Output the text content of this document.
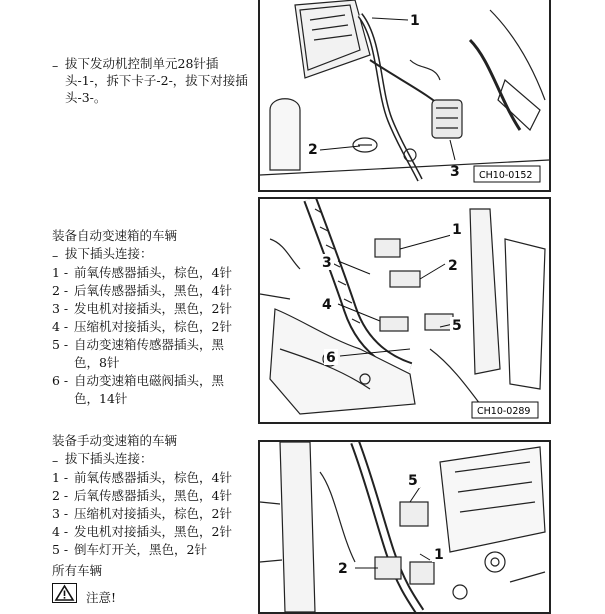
– 拔下发动机控制单元28针插头-1-，拆下卡子-2-，拔下对接插头-3-。
1
2
3 CH10-0152
装备自动变速箱的车辆
– 拔下插头连接：
1 - 前氧传感器插头，棕色，4针
2 - 后氧传感器插头，黑色，4针
3 - 发电机对接插头，黑色，2针
4 - 压缩机对接插头，棕色，2针
5 - 自动变速箱传感器插头，黑色，8针
6 - 自动变速箱电磁阀插头，黑色，14针
1
2
3
4
5
6
CH10-0289
装备手动变速箱的车辆
– 拔下插头连接：
1 - 前氧传感器插头，棕色，4针
2 - 后氧传感器插头，黑色，4针
3 - 压缩机对接插头，棕色，2针
4 - 发电机对接插头，黑色，2针
5 - 倒车灯开关，黑色，2针
所有车辆
1
2
5
注意!
